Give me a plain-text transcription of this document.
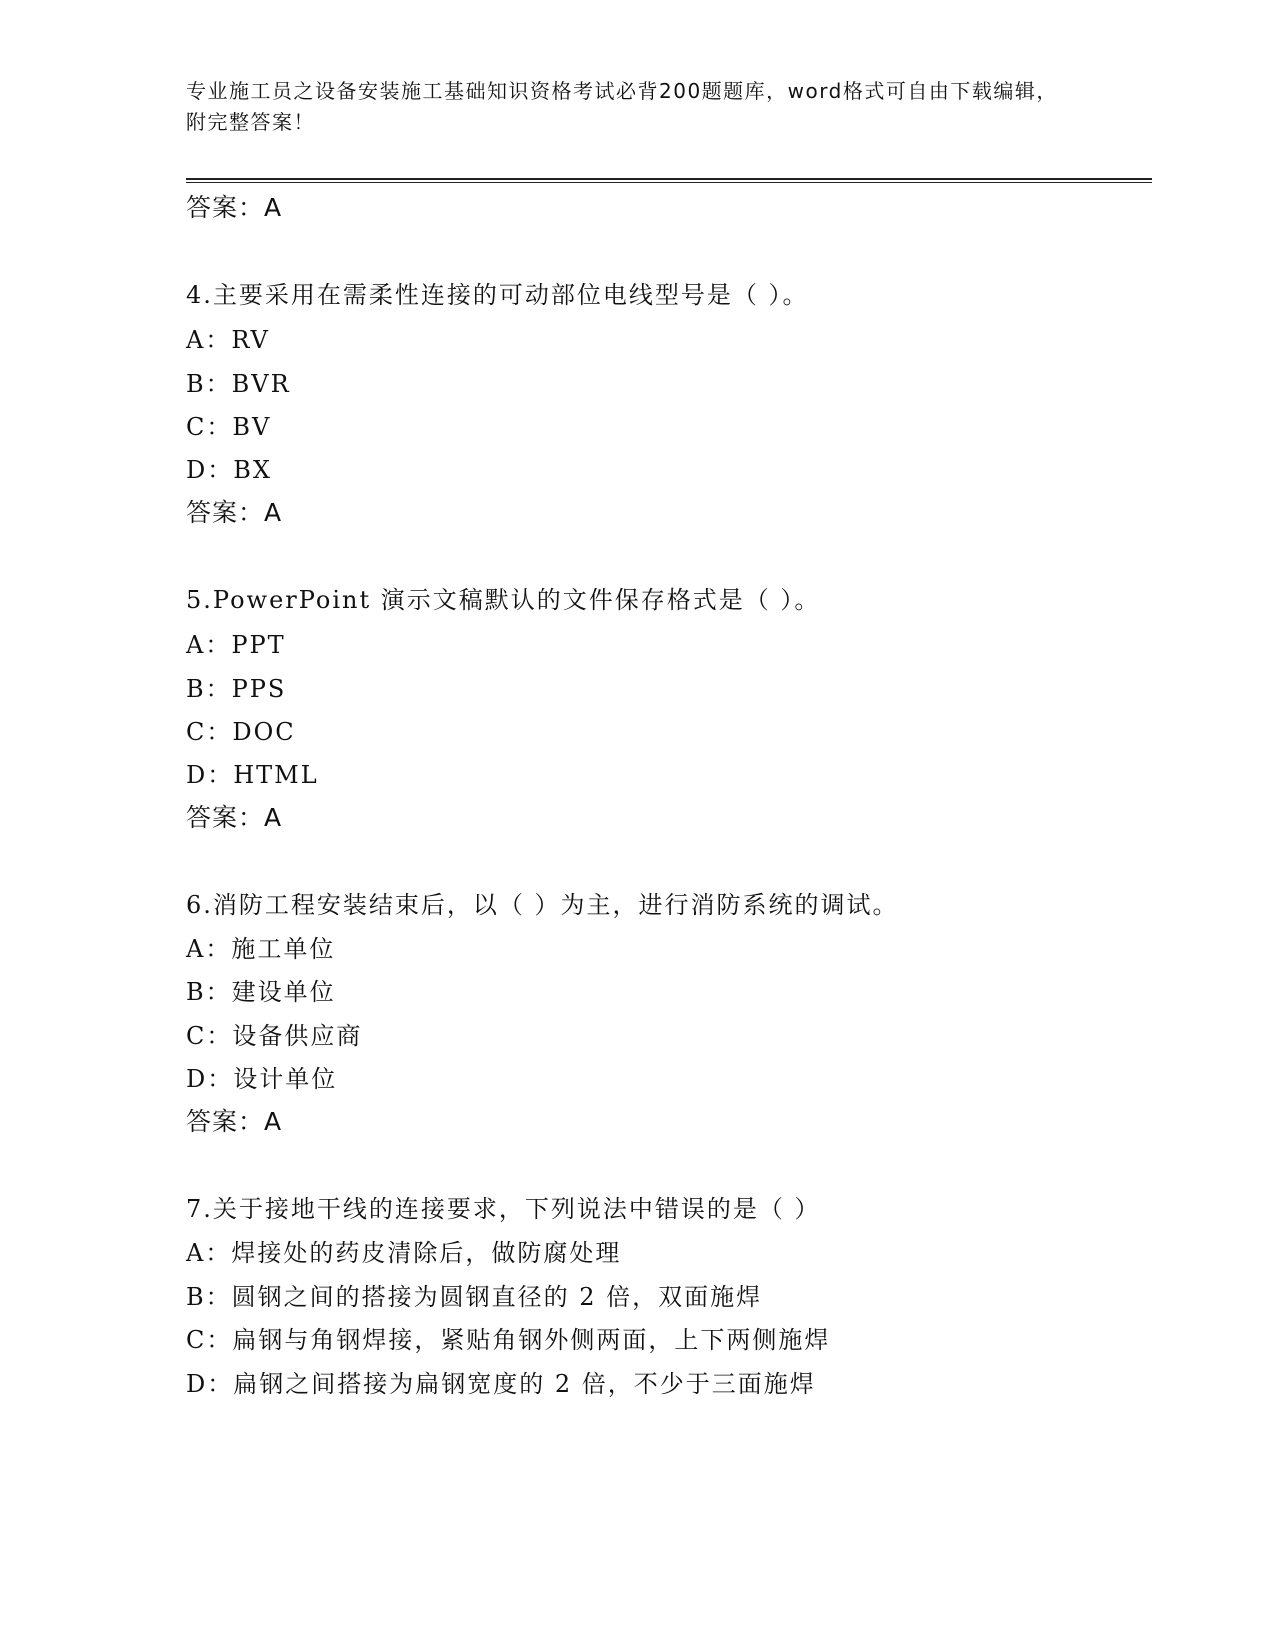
专业施工员之设备安装施工基础知识资格考试必背200题题库，word格式可自由下载编辑，附完整答案！
答案：A
4.主要采用在需柔性连接的可动部位电线型号是（ ）。
A：RV
B：BVR
C：BV
D：BX
答案：A
5.PowerPoint 演示文稿默认的文件保存格式是（ ）。
A：PPT
B：PPS
C：DOC
D：HTML
答案：A
6.消防工程安装结束后，以（ ）为主，进行消防系统的调试。
A：施工单位
B：建设单位
C：设备供应商
D：设计单位
答案：A
7.关于接地干线的连接要求，下列说法中错误的是（ ）
A：焊接处的药皮清除后，做防腐处理
B：圆钢之间的搭接为圆钢直径的 2 倍，双面施焊
C：扁钢与角钢焊接，紧贴角钢外侧两面，上下两侧施焊
D：扁钢之间搭接为扁钢宽度的 2 倍，不少于三面施焊
